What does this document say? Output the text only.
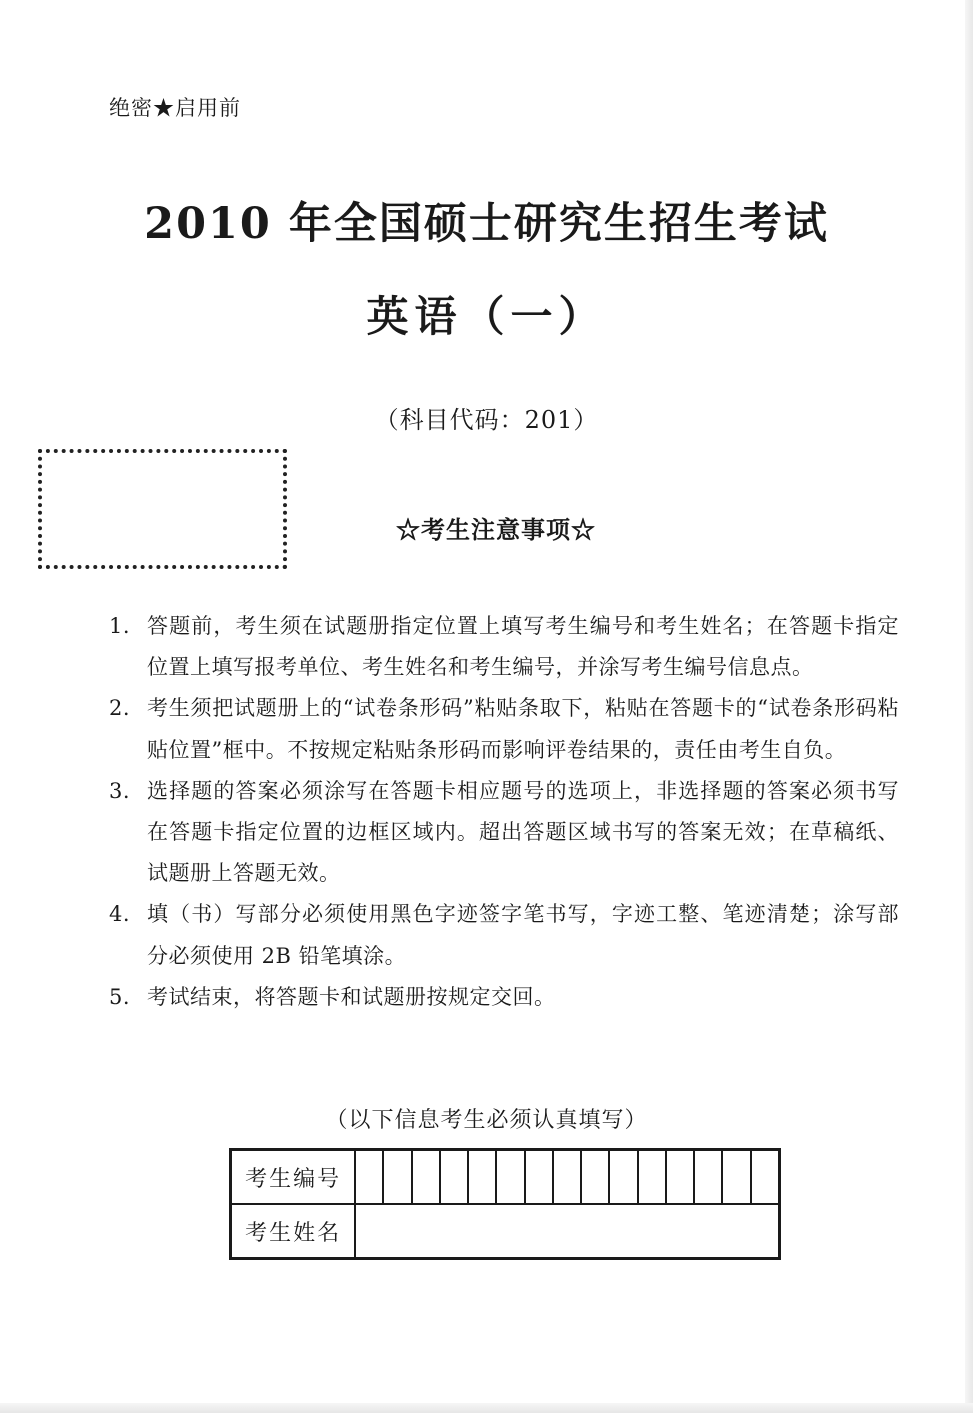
绝密★启用前
2010 年全国硕士研究生招生考试
英语（一）
（科目代码：201）
☆考生注意事项☆
1. 答题前，考生须在试题册指定位置上填写考生编号和考生姓名；在答题卡指定位置上填写报考单位、考生姓名和考生编号，并涂写考生编号信息点。
2. 考生须把试题册上的“试卷条形码”粘贴条取下，粘贴在答题卡的“试卷条形码粘贴位置”框中。不按规定粘贴条形码而影响评卷结果的，责任由考生自负。
3. 选择题的答案必须涂写在答题卡相应题号的选项上，非选择题的答案必须书写在答题卡指定位置的边框区域内。超出答题区域书写的答案无效；在草稿纸、试题册上答题无效。
4. 填（书）写部分必须使用黑色字迹签字笔书写，字迹工整、笔迹清楚；涂写部分必须使用 2B 铅笔填涂。
5. 考试结束，将答题卡和试题册按规定交回。
（以下信息考生必须认真填写）
考生编号															
考生姓名															
